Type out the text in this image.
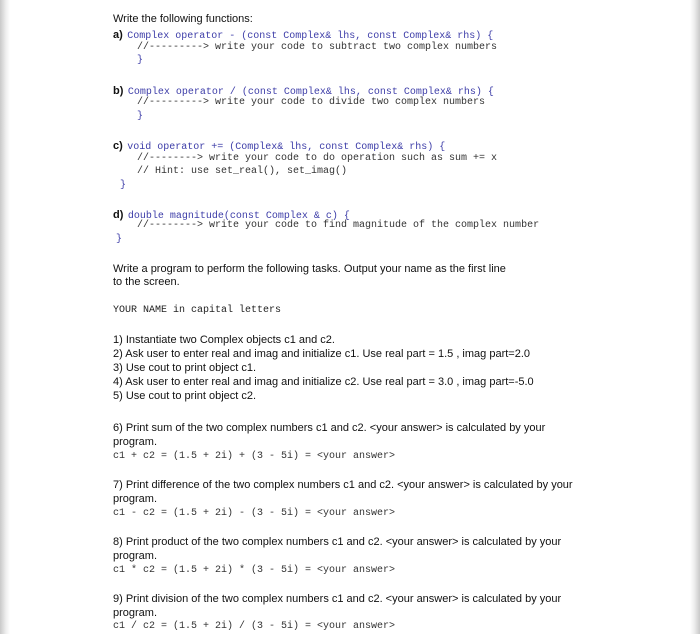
Write the following functions:
a) Complex operator - (const Complex& lhs, const Complex& rhs) {
//---------> write your code to subtract two complex numbers
}
b) Complex operator / (const Complex& lhs, const Complex& rhs) {
//---------> write your code to divide two complex numbers
}
c) void operator += (Complex& lhs, const Complex& rhs) {
//--------> write your code to do operation such as sum += x
// Hint: use set_real(), set_imag()
}
d) double magnitude(const Complex & c) {
//--------> write your code to find magnitude of the complex number
}
Write a program to perform the following tasks. Output your name as the first line
to the screen.
YOUR NAME in capital letters
1) Instantiate two Complex objects c1 and c2.
2) Ask user to enter real and imag and initialize c1. Use real part = 1.5 , imag part=2.0
3) Use cout to print object c1.
4) Ask user to enter real and imag and initialize c2. Use real part = 3.0 , imag part=-5.0
5) Use cout to print object c2.
6) Print sum of the two complex numbers c1 and c2. <your answer> is calculated by your
program.
c1 + c2 = (1.5 + 2i) + (3 - 5i) = <your answer>
7) Print difference of the two complex numbers c1 and c2. <your answer> is calculated by your
program.
c1 - c2 = (1.5 + 2i) - (3 - 5i) = <your answer>
8) Print product of the two complex numbers c1 and c2. <your answer> is calculated by your
program.
c1 * c2 = (1.5 + 2i) * (3 - 5i) = <your answer>
9) Print division of the two complex numbers c1 and c2. <your answer> is calculated by your
program.
c1 / c2 = (1.5 + 2i) / (3 - 5i) = <your answer>
